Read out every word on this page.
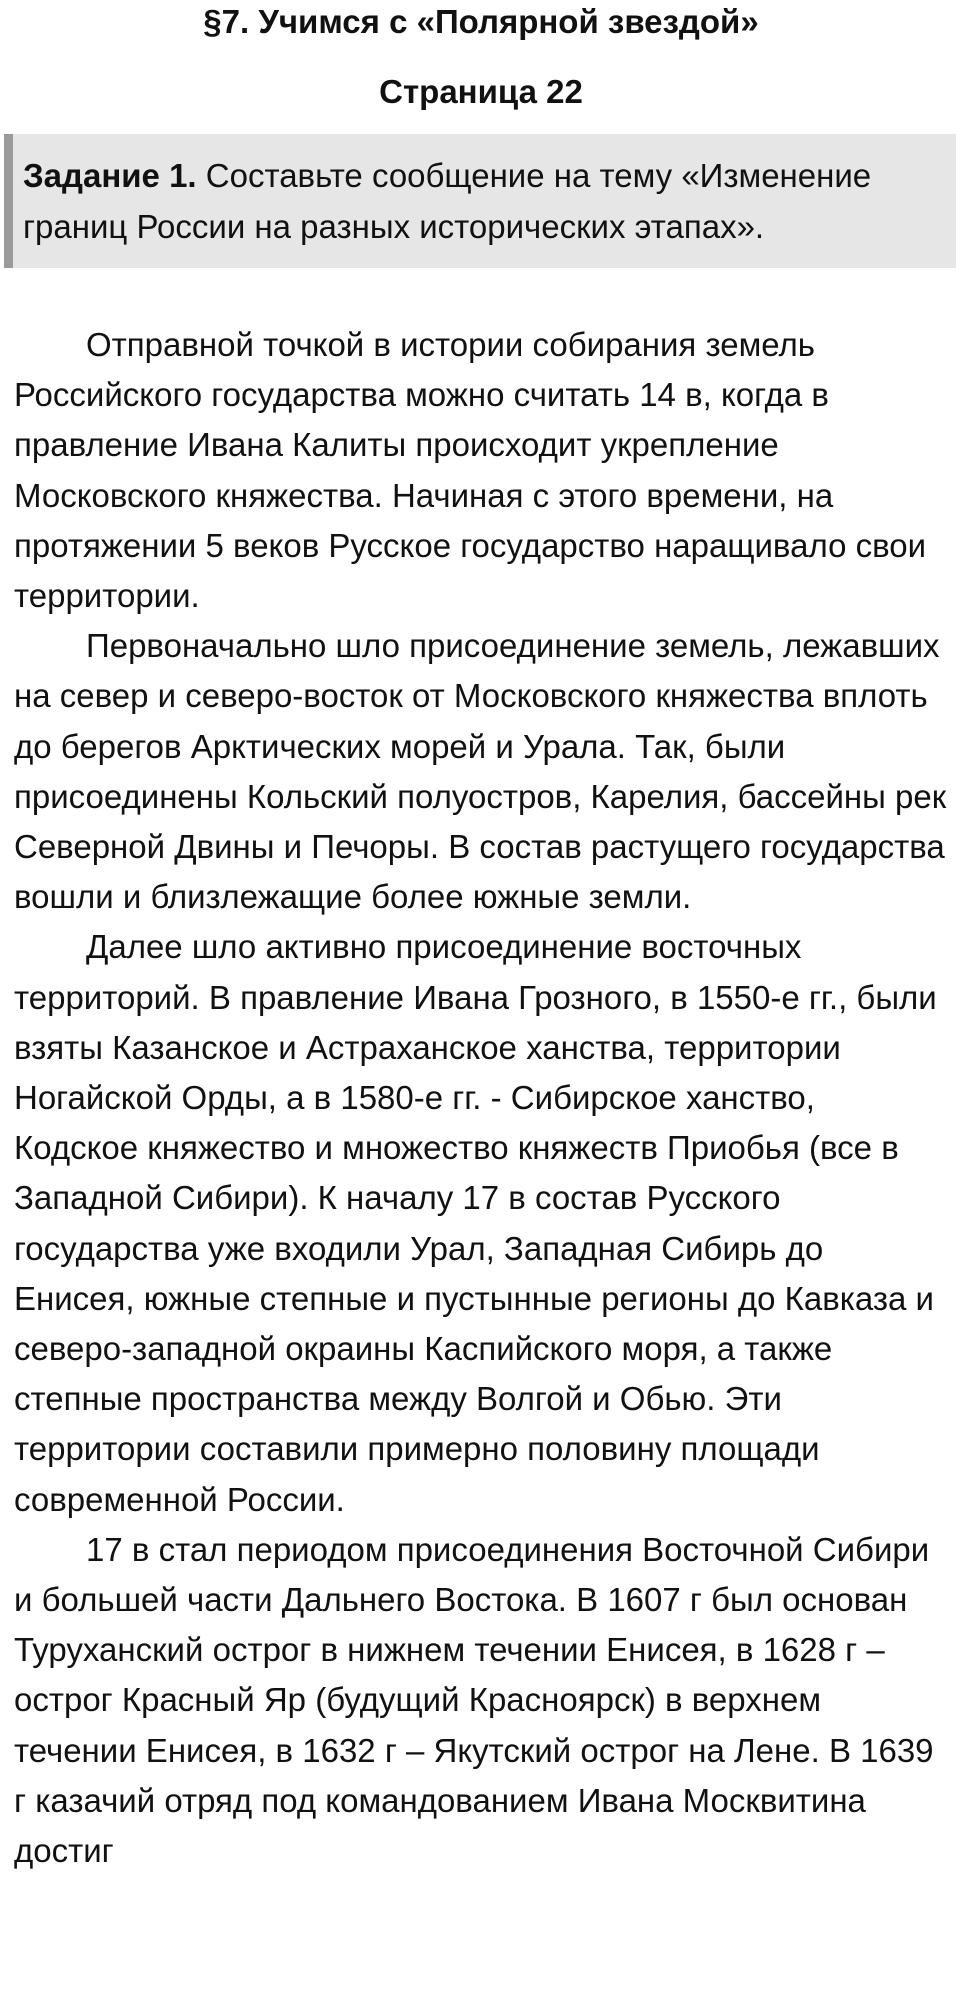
§7. Учимся с «Полярной звездой»
Страница 22
Задание 1. Составьте сообщение на тему «Изменение границ России на разных исторических этапах».

Отправной точкой в истории собирания земель Российского государства можно считать 14 в, когда в правление Ивана Калиты происходит укрепление Московского княжества. Начиная с этого времени, на протяжении 5 веков Русское государство наращивало свои территории.

Первоначально шло присоединение земель, лежавших на север и северо-восток от Московского княжества вплоть до берегов Арктических морей и Урала. Так, были присоединены Кольский полуостров, Карелия, бассейны рек Северной Двины и Печоры. В состав растущего государства вошли и близлежащие более южные земли.

Далее шло активно присоединение восточных территорий. В правление Ивана Грозного, в 1550-е гг., были взяты Казанское и Астраханское ханства, территории Ногайской Орды, а в 1580-е гг. - Сибирское ханство, Кодское княжество и множество княжеств Приобья (все в Западной Сибири). К началу 17 в состав Русского государства уже входили Урал, Западная Сибирь до Енисея, южные степные и пустынные регионы до Кавказа и северо-западной окраины Каспийского моря, а также степные пространства между Волгой и Обью. Эти территории составили примерно половину площади современной России.

17 в стал периодом присоединения Восточной Сибири и большей части Дальнего Востока. В 1607 г был основан Туруханский острог в нижнем течении Енисея, в 1628 г – острог Красный Яр (будущий Красноярск) в верхнем течении Енисея, в 1632 г – Якутский острог на Лене. В 1639 г казачий отряд под командованием Ивана Москвитина достиг
